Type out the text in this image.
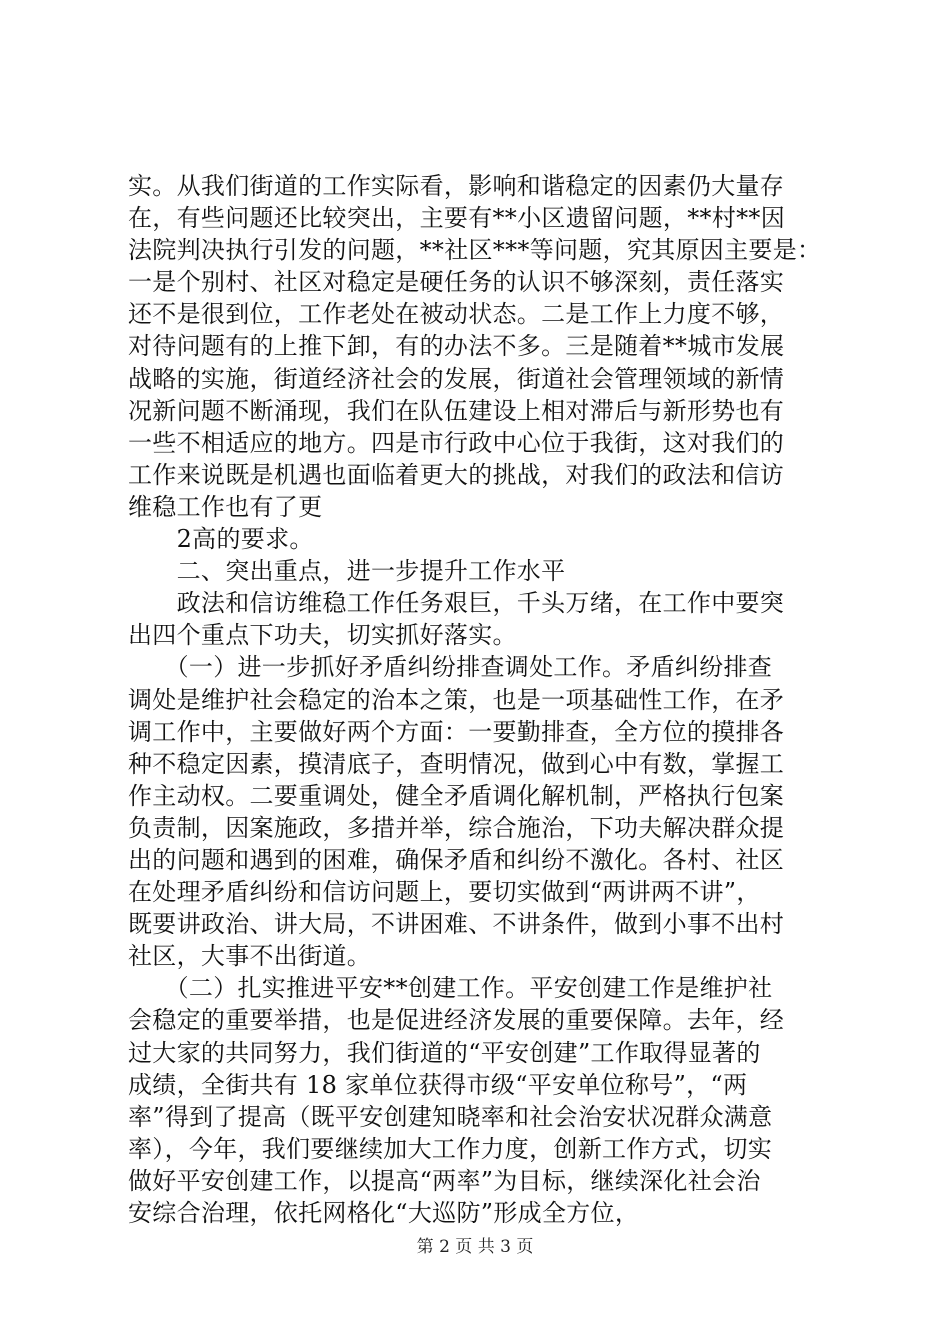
实。从我们街道的工作实际看，影响和谐稳定的因素仍大量存
在，有些问题还比较突出，主要有**小区遗留问题，**村**因
法院判决执行引发的问题，**社区***等问题，究其原因主要是：
一是个别村、社区对稳定是硬任务的认识不够深刻，责任落实
还不是很到位，工作老处在被动状态。二是工作上力度不够，
对待问题有的上推下卸，有的办法不多。三是随着**城市发展
战略的实施，街道经济社会的发展，街道社会管理领域的新情
况新问题不断涌现，我们在队伍建设上相对滞后与新形势也有
一些不相适应的地方。四是市行政中心位于我街，这对我们的
工作来说既是机遇也面临着更大的挑战，对我们的政法和信访
维稳工作也有了更
　　2高的要求。
　　二、突出重点，进一步提升工作水平
　　政法和信访维稳工作任务艰巨，千头万绪，在工作中要突
出四个重点下功夫，切实抓好落实。
　　（一）进一步抓好矛盾纠纷排查调处工作。矛盾纠纷排查
调处是维护社会稳定的治本之策，也是一项基础性工作，在矛
调工作中，主要做好两个方面：一要勤排查，全方位的摸排各
种不稳定因素，摸清底子，查明情况，做到心中有数，掌握工
作主动权。二要重调处，健全矛盾调化解机制，严格执行包案
负责制，因案施政，多措并举，综合施治，下功夫解决群众提
出的问题和遇到的困难，确保矛盾和纠纷不激化。各村、社区
在处理矛盾纠纷和信访问题上，要切实做到“两讲两不讲”，
既要讲政治、讲大局，不讲困难、不讲条件，做到小事不出村
社区，大事不出街道。
　　（二）扎实推进平安**创建工作。平安创建工作是维护社
会稳定的重要举措，也是促进经济发展的重要保障。去年，经
过大家的共同努力，我们街道的“平安创建”工作取得显著的
成绩，全街共有 18 家单位获得市级“平安单位称号”，“两
率”得到了提高（既平安创建知晓率和社会治安状况群众满意
率），今年，我们要继续加大工作力度，创新工作方式，切实
做好平安创建工作，以提高“两率”为目标，继续深化社会治
安综合治理，依托网格化“大巡防”形成全方位，
第 2 页 共 3 页
